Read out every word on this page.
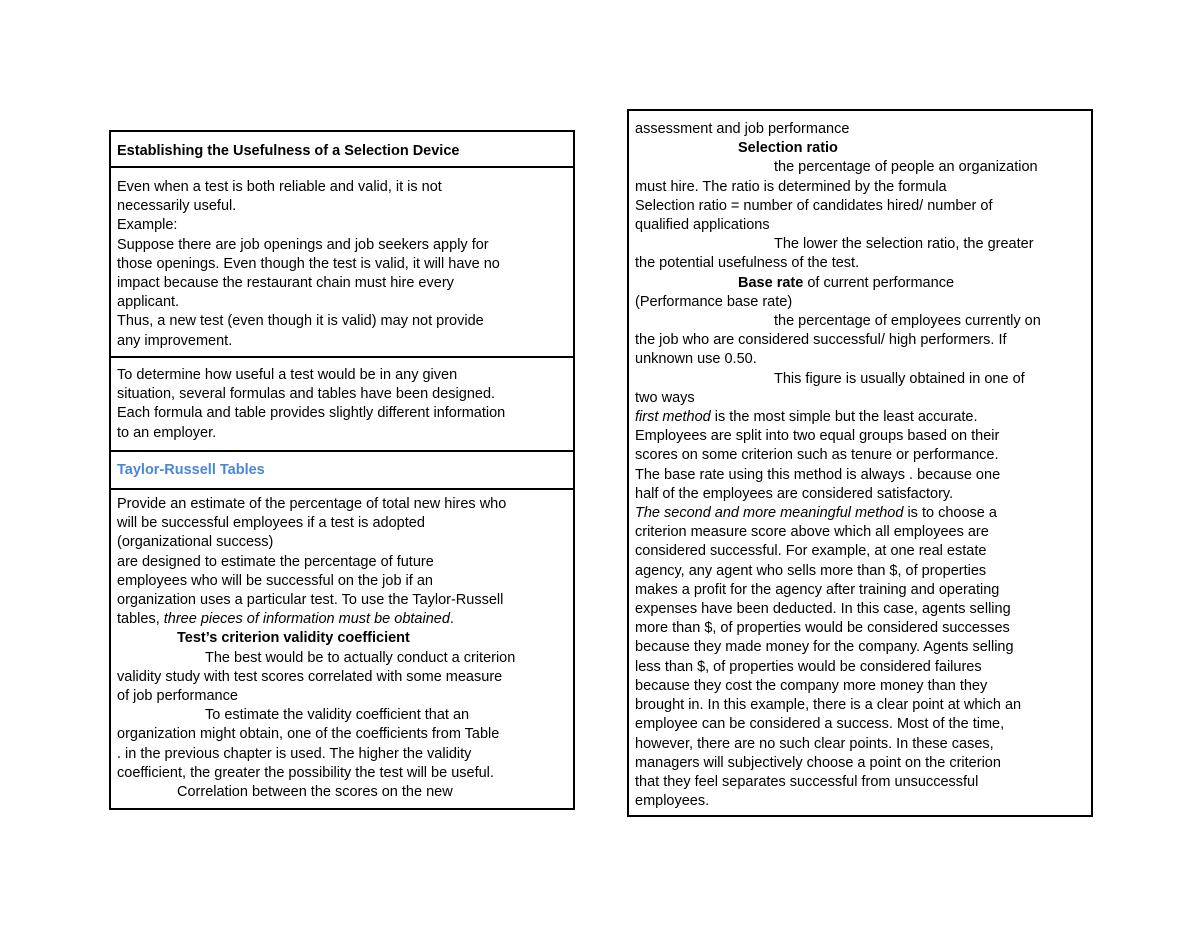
Establishing the Usefulness of a Selection Device
Even when a test is both reliable and valid, it is not
necessarily useful.
Example:
Suppose there are job openings and job seekers apply for
those openings. Even though the test is valid, it will have no
impact because the restaurant chain must hire every
applicant.
Thus, a new test (even though it is valid) may not provide
any improvement.
To determine how useful a test would be in any given
situation, several formulas and tables have been designed.
Each formula and table provides slightly different information
to an employer.
Taylor-Russell Tables
Provide an estimate of the percentage of total new hires who
will be successful employees if a test is adopted
(organizational success)
are designed to estimate the percentage of future
employees who will be successful on the job if an
organization uses a particular test. To use the Taylor-Russell
tables, three pieces of information must be obtained.
Test’s criterion validity coefficient
The best would be to actually conduct a criterion
validity study with test scores correlated with some measure
of job performance
To estimate the validity coefficient that an
organization might obtain, one of the coefficients from Table
. in the previous chapter is used. The higher the validity
coefficient, the greater the possibility the test will be useful.
Correlation between the scores on the new
assessment and job performance
Selection ratio
the percentage of people an organization
must hire. The ratio is determined by the formula
Selection ratio = number of candidates hired/ number of
qualified applications
The lower the selection ratio, the greater
the potential usefulness of the test.
Base rate of current performance
(Performance base rate)
the percentage of employees currently on
the job who are considered successful/ high performers. If
unknown use 0.50.
This figure is usually obtained in one of
two ways
first method is the most simple but the least accurate.
Employees are split into two equal groups based on their
scores on some criterion such as tenure or performance.
The base rate using this method is always . because one
half of the employees are considered satisfactory.
The second and more meaningful method is to choose a
criterion measure score above which all employees are
considered successful. For example, at one real estate
agency, any agent who sells more than $, of properties
makes a profit for the agency after training and operating
expenses have been deducted. In this case, agents selling
more than $, of properties would be considered successes
because they made money for the company. Agents selling
less than $, of properties would be considered failures
because they cost the company more money than they
brought in. In this example, there is a clear point at which an
employee can be considered a success. Most of the time,
however, there are no such clear points. In these cases,
managers will subjectively choose a point on the criterion
that they feel separates successful from unsuccessful
employees.
